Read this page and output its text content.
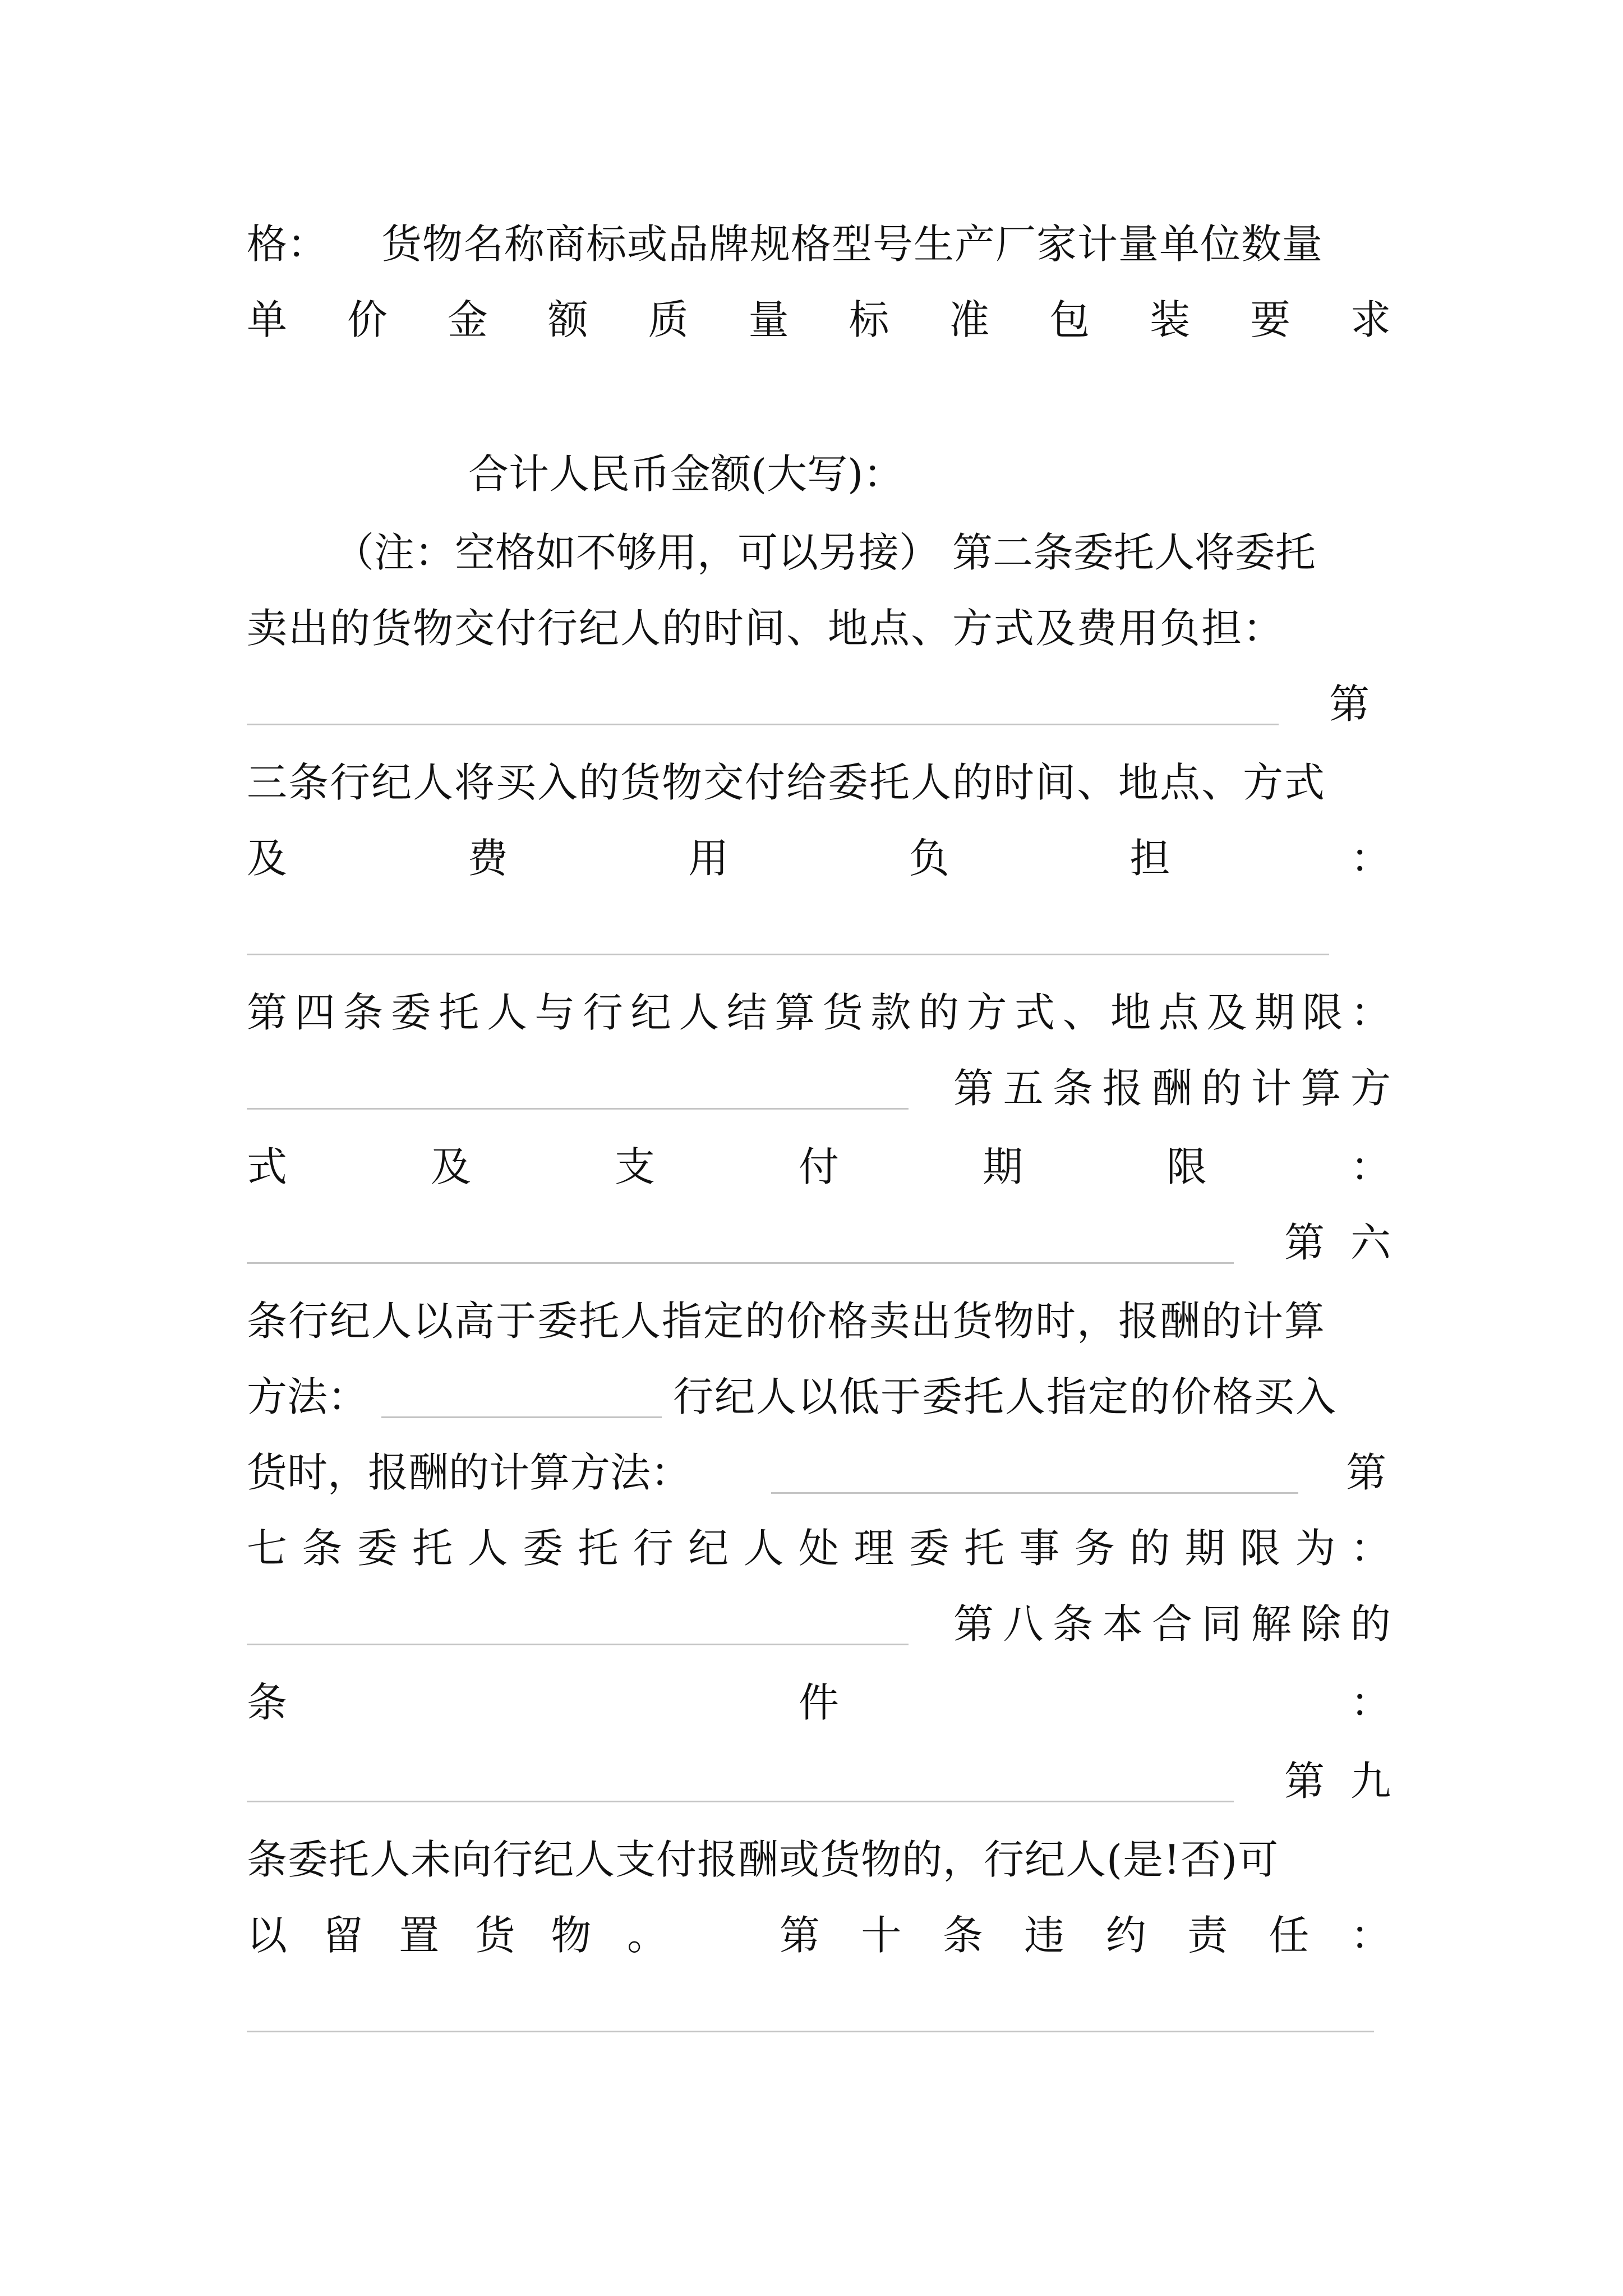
格： 货物名称商标或品牌规格型号生产厂家计量单位数量
单 价 金 额 质 量 标 准 包 装 要 求
合计人民币金额(大写)：
（注：空格如不够用，可以另接） 第二条委托人将委托
卖出的货物交付行纪人的时间、地点、方式及费用负担：
第
三条行纪人将买入的货物交付给委托人的时间、地点、方式
及	费	用	负	担	：
第 四 条 委 托 人 与 行 纪 人 结 算 货 款 的 方 式 、 地 点 及 期 限 ：
第 五 条 报 酬 的 计 算 方
式	及	支	付	期	限	：
第 六
条行纪人以高于委托人指定的价格卖出货物时，报酬的计算
方法：	行纪人以低于委托人指定的价格买入
货时，报酬的计算方法：	第
七 条 委 托 人 委 托 行 纪 人 处 理 委 托 事 务 的 期 限 为 ：
第 八 条 本 合 同 解 除 的
条	件	：
第 九
条委托人未向行纪人支付报酬或货物的，行纪人(是!否)可
以 留 置 货 物 。	第 十 条 违 约 责 任 ：
